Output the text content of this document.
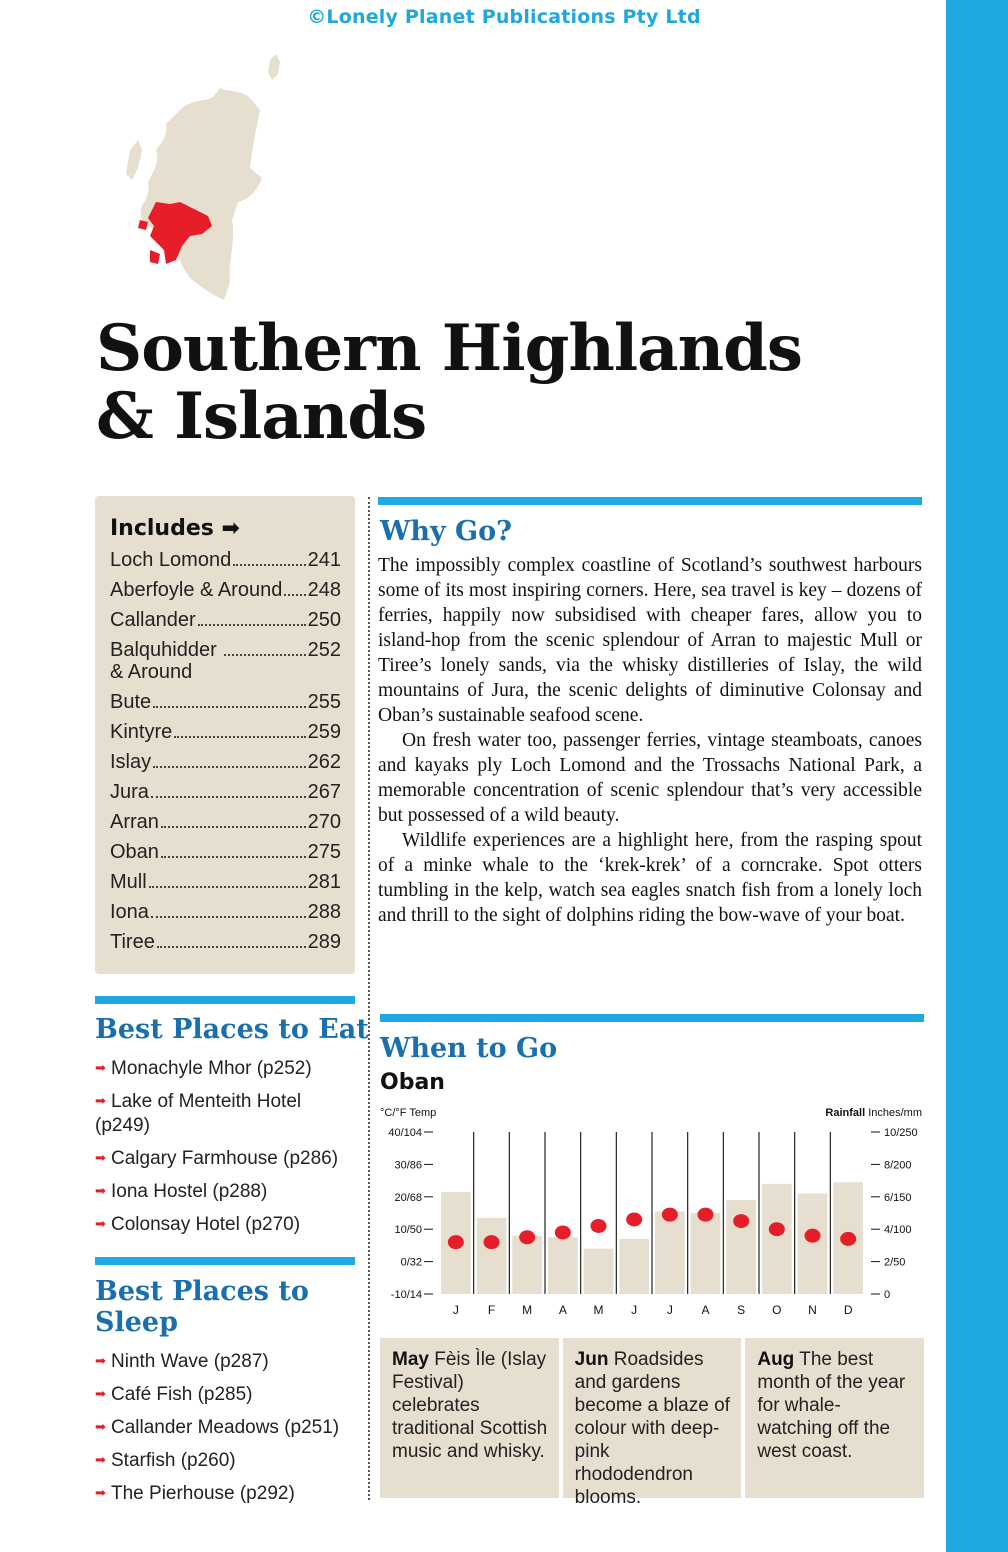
©Lonely Planet Publications Pty Ltd
Southern Highlands
& Islands
Includes ➡
Loch Lomond	241
Aberfoyle & Around 248
Callander	250
Balquhidder & Around
252
Bute	255
Kintyre	259
Islay	262
Jura	267
Arran	270
Oban	275
Mull	281
Iona	288
Tiree	289
Best Places to Eat
➡ Monachyle Mhor (p252)
➡ Lake of Menteith Hotel (p249)
➡ Calgary Farmhouse (p286)
➡ Iona Hostel (p288)
➡ Colonsay Hotel (p270)
Best Places to
Sleep
➡ Ninth Wave (p287)
➡ Café Fish (p285)
➡ Callander Meadows (p251)
➡ Starfish (p260)
➡ The Pierhouse (p292)
Why Go?

The impossibly complex coastline of Scotland’s southwest harbours some of its most inspiring corners. Here, sea travel is key – dozens of ferries, happily now subsidised with cheaper fares, allow you to island-hop from the scenic splendour of Arran to majestic Mull or Tiree’s lonely sands, via the whisky distilleries of Islay, the wild mountains of Jura, the scenic delights of diminutive Colonsay and Oban’s sustainable seafood scene.

On fresh water too, passenger ferries, vintage steamboats, canoes and kayaks ply Loch Lomond and the Trossachs National Park, a memorable concentration of scenic splendour that’s very accessible but possessed of a wild beauty.

Wildlife experiences are a highlight here, from the rasping spout of a minke whale to the ‘krek-krek’ of a corncrake. Spot otters tumbling in the kelp, watch sea eagles snatch fish from a lonely loch and thrill to the sight of dolphins riding the bow-wave of your boat.

When to Go
Oban
°C/°F Temp	Rainfall Inches/mm
40/104
30/86
20/68
10/50
0/32
-10/14
10/250
8/200
6/150
4/100
2/50
0
J F M A M J J A S O N D
May Fèis Ìle (Islay Festival) celebrates traditional Scottish music and whisky.
Jun Roadsides and gardens become a blaze of colour with deep-pink rhododendron blooms.
Aug The best month of the year for whale-watching off the west coast.
